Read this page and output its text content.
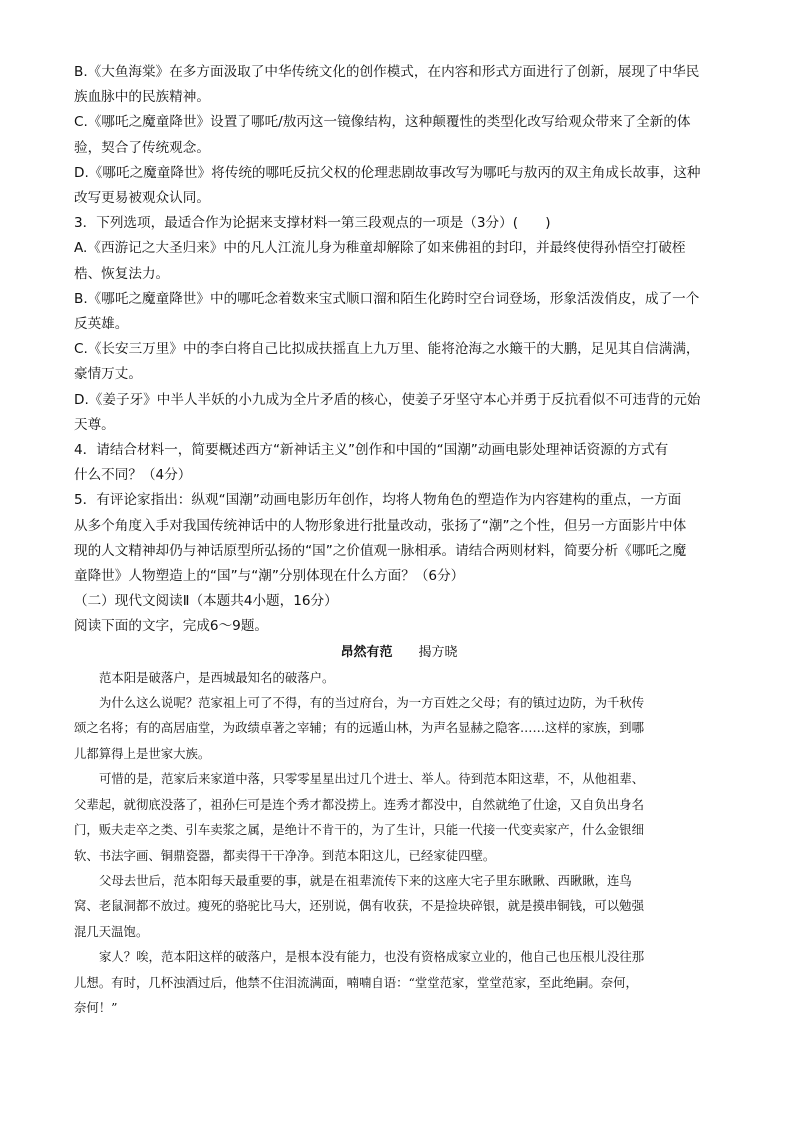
B.《大鱼海棠》在多方面汲取了中华传统文化的创作模式，在内容和形式方面进行了创新，展现了中华民

族血脉中的民族精神。

C.《哪吒之魔童降世》设置了哪吒/敖丙这一镜像结构，这种颠覆性的类型化改写给观众带来了全新的体

验，契合了传统观念。

D.《哪吒之魔童降世》将传统的哪吒反抗父权的伦理悲剧故事改写为哪吒与敖丙的双主角成长故事，这种

改写更易被观众认同。

3．下列选项，最适合作为论据来支撑材料一第三段观点的一项是（3分）(　　)

A.《西游记之大圣归来》中的凡人江流儿身为稚童却解除了如来佛祖的封印，并最终使得孙悟空打破桎

梏、恢复法力。

B.《哪吒之魔童降世》中的哪吒念着数来宝式顺口溜和陌生化跨时空台词登场，形象活泼俏皮，成了一个

反英雄。

C.《长安三万里》中的李白将自己比拟成扶摇直上九万里、能将沧海之水簸干的大鹏，足见其自信满满，

豪情万丈。

D.《姜子牙》中半人半妖的小九成为全片矛盾的核心，使姜子牙坚守本心并勇于反抗看似不可违背的元始

天尊。

4．请结合材料一，简要概述西方“新神话主义”创作和中国的“国潮”动画电影处理神话资源的方式有

什么不同？（4分）

5．有评论家指出：纵观“国潮”动画电影历年创作，均将人物角色的塑造作为内容建构的重点，一方面

从多个角度入手对我国传统神话中的人物形象进行批量改动，张扬了“潮”之个性，但另一方面影片中体

现的人文精神却仍与神话原型所弘扬的“国”之价值观一脉相承。请结合两则材料，简要分析《哪吒之魔

童降世》人物塑造上的“国”与“潮”分别体现在什么方面？（6分）

（二）现代文阅读Ⅱ（本题共4小题，16分）

阅读下面的文字，完成6～9题。

昂然有范 揭方晓

范本阳是破落户，是西城最知名的破落户。

为什么这么说呢？范家祖上可了不得，有的当过府台，为一方百姓之父母；有的镇过边防，为千秋传

颂之名将；有的高居庙堂，为政绩卓著之宰辅；有的远遁山林，为声名显赫之隐客……这样的家族，到哪

儿都算得上是世家大族。

可惜的是，范家后来家道中落，只零零星星出过几个进士、举人。待到范本阳这辈，不，从他祖辈、

父辈起，就彻底没落了，祖孙仨可是连个秀才都没捞上。连秀才都没中，自然就绝了仕途，又自负出身名

门，贩夫走卒之类、引车卖浆之属，是绝计不肯干的，为了生计，只能一代接一代变卖家产，什么金银细

软、书法字画、铜鼎瓷器，都卖得干干净净。到范本阳这儿，已经家徒四壁。

父母去世后，范本阳每天最重要的事，就是在祖辈流传下来的这座大宅子里东瞅瞅、西瞅瞅，连鸟

窝、老鼠洞都不放过。瘦死的骆驼比马大，还别说，偶有收获，不是捡块碎银，就是摸串铜钱，可以勉强

混几天温饱。

家人？唉，范本阳这样的破落户，是根本没有能力，也没有资格成家立业的，他自己也压根儿没往那

儿想。有时，几杯浊酒过后，他禁不住泪流满面，喃喃自语：“堂堂范家，堂堂范家，至此绝嗣。奈何，

奈何！”
